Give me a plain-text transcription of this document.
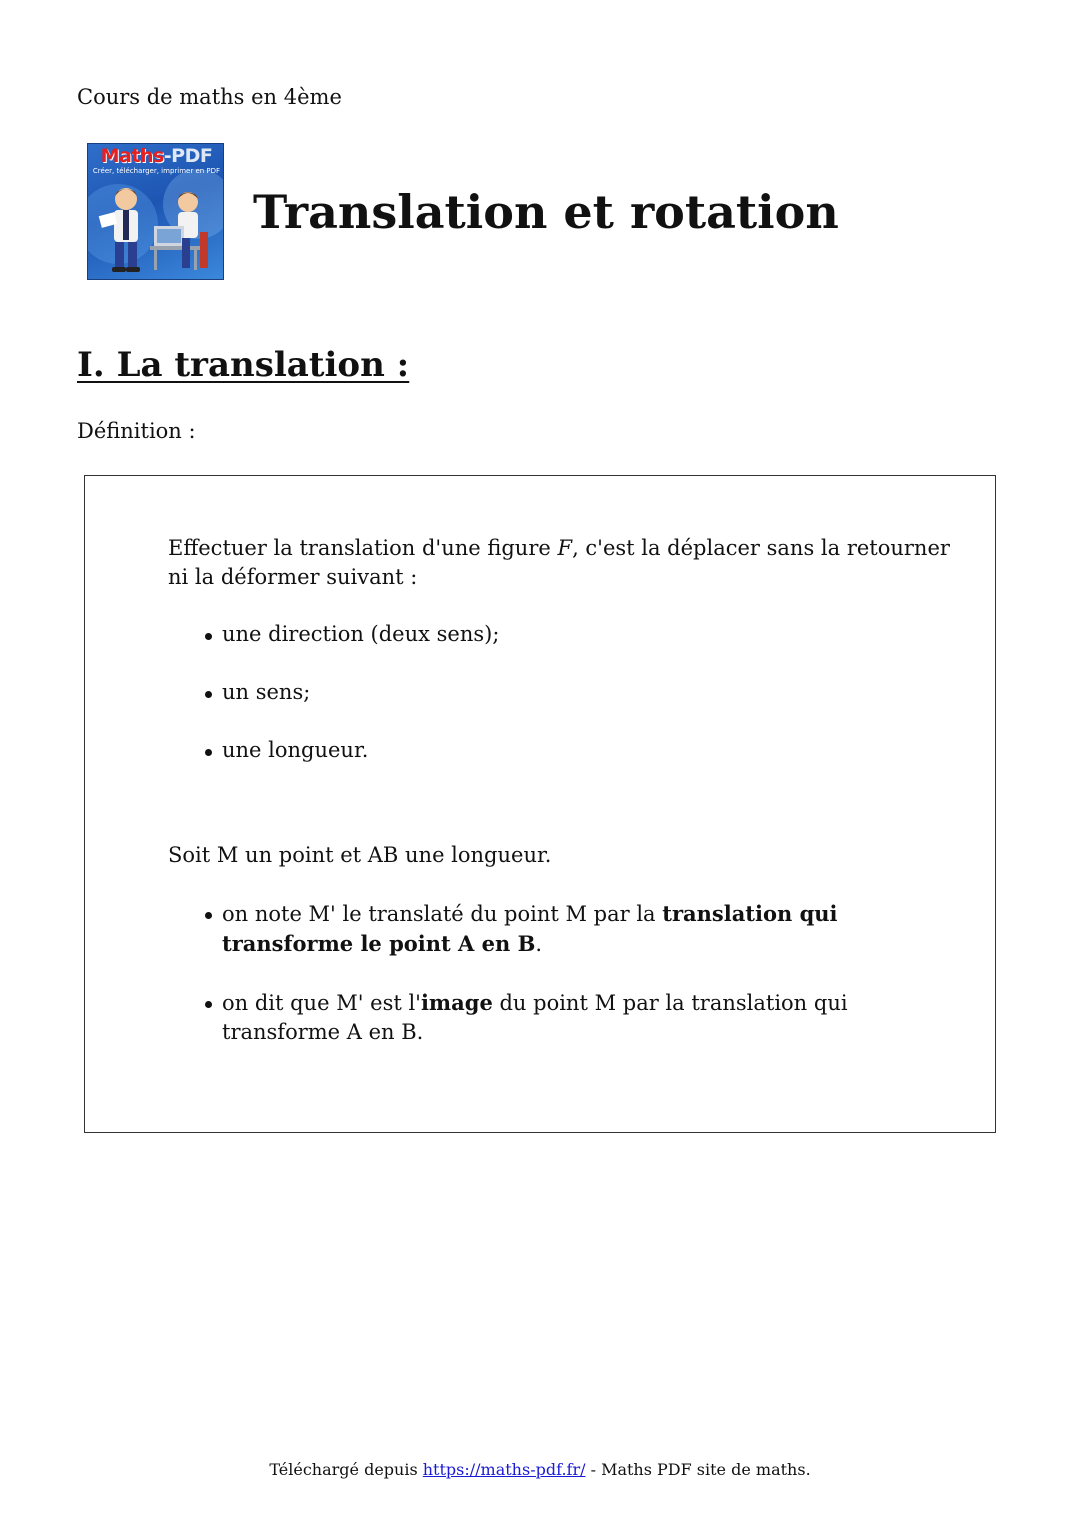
Cours de maths en 4ème
Maths-PDF
Créer, télécharger, imprimer en PDF
Translation et rotation
I. La translation :
Définition :

Effectuer la translation d'une figure F, c'est la déplacer sans la retourner ni la déformer suivant :

une direction (deux sens);
un sens;
une longueur.

Soit M un point et AB une longueur.

on note M' le translaté du point M par la translation qui transforme le point A en B.
on dit que M' est l'image du point M par la translation qui transforme A en B.
Téléchargé depuis https://maths-pdf.fr/ - Maths PDF site de maths.
